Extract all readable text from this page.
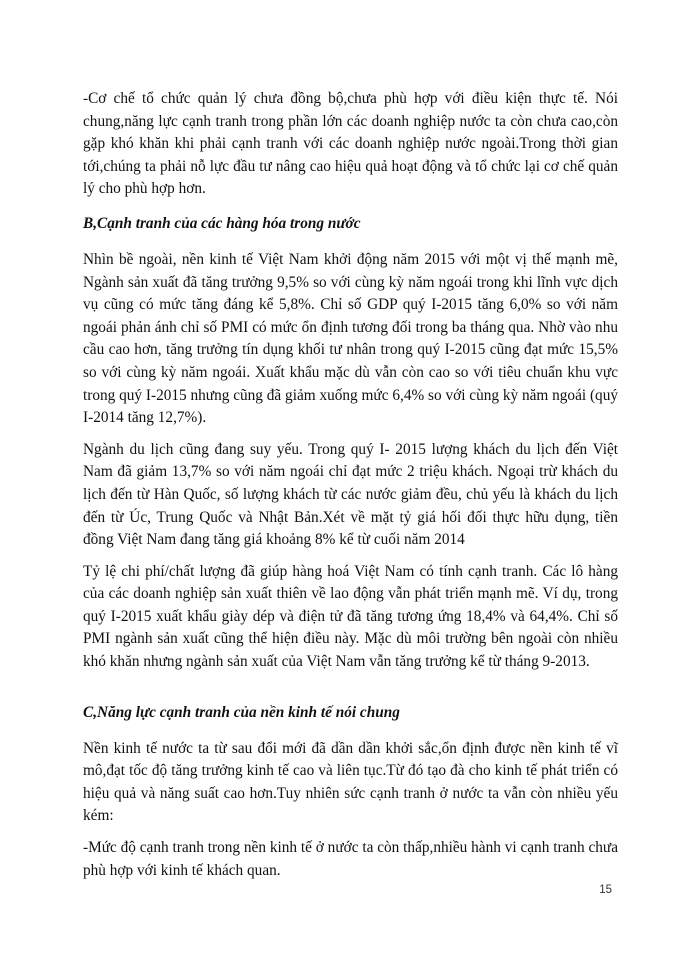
-Cơ chế tổ chức quản lý chưa đồng bộ,chưa phù hợp với điều kiện thực tế. Nói chung,năng lực cạnh tranh trong phần lớn các doanh nghiệp nước ta còn chưa cao,còn gặp khó khăn khi phải cạnh tranh với các doanh nghiệp nước ngoài.Trong thời gian tới,chúng ta phải nỗ lực đầu tư nâng cao hiệu quả hoạt động và tổ chức lại cơ chế quản lý cho phù hợp hơn.

B,Cạnh tranh của các hàng hóa trong nước

Nhìn bề ngoài, nền kinh tế Việt Nam khởi động năm 2015 với một vị thế mạnh mẽ, Ngành sản xuất đã tăng trưởng 9,5% so với cùng kỳ năm ngoái trong khi lĩnh vực dịch vụ cũng có mức tăng đáng kể 5,8%. Chỉ số GDP quý I-2015 tăng 6,0% so với năm ngoái phản ánh chỉ số PMI có mức ổn định tương đối trong ba tháng qua. Nhờ vào nhu cầu cao hơn, tăng trưởng tín dụng khối tư nhân trong quý I-2015 cũng đạt mức 15,5% so với cùng kỳ năm ngoái. Xuất khẩu mặc dù vẫn còn cao so với tiêu chuẩn khu vực trong quý I-2015 nhưng cũng đã giảm xuống mức 6,4% so với cùng kỳ năm ngoái (quý I-2014 tăng 12,7%).

Ngành du lịch cũng đang suy yếu. Trong quý I- 2015 lượng khách du lịch đến Việt Nam đã giảm 13,7% so với năm ngoái chỉ đạt mức 2 triệu khách. Ngoại trừ khách du lịch đến từ Hàn Quốc, số lượng khách từ các nước giảm đều, chủ yếu là khách du lịch đến từ Úc, Trung Quốc và Nhật Bản.Xét về mặt tỷ giá hối đối thực hữu dụng, tiền đồng Việt Nam đang tăng giá khoảng 8% kể từ cuối năm 2014

Tỷ lệ chi phí/chất lượng đã giúp hàng hoá Việt Nam có tính cạnh tranh. Các lô hàng của các doanh nghiệp sản xuất thiên về lao động vẫn phát triển mạnh mẽ. Ví dụ, trong quý I-2015 xuất khẩu giày dép và điện tử đã tăng tương ứng 18,4% và 64,4%. Chỉ số PMI ngành sản xuất cũng thể hiện điều này. Mặc dù môi trường bên ngoài còn nhiều khó khăn nhưng ngành sản xuất của Việt Nam vẫn tăng trưởng kể từ tháng 9-2013.

C,Năng lực cạnh tranh của nền kinh tế nói chung

Nền kinh tế nước ta từ sau đổi mới đã dần dần khởi sắc,ổn định được nền kinh tế vĩ mô,đạt tốc độ tăng trưởng kinh tế cao và liên tục.Từ đó tạo đà cho kinh tế phát triển có hiệu quả và năng suất cao hơn.Tuy nhiên sức cạnh tranh ở nước ta vẫn còn nhiều yếu kém:

-Mức độ cạnh tranh trong nền kinh tế ở nước ta còn thấp,nhiều hành vi cạnh tranh chưa phù hợp với kinh tế khách quan.

15
